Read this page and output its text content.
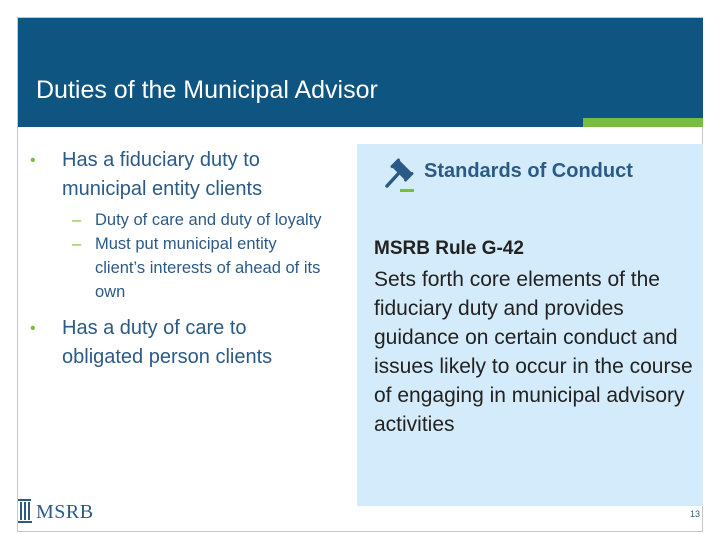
Duties of the Municipal Advisor
• Has a fiduciary duty to municipal entity clients
– Duty of care and duty of loyalty
– Must put municipal entity client’s interests of ahead of its own
• Has a duty of care to obligated person clients
Standards of Conduct
MSRB Rule G-42
Sets forth core elements of the fiduciary duty and provides guidance on certain conduct and issues likely to occur in the course of engaging in municipal advisory activities
MSRB	13
